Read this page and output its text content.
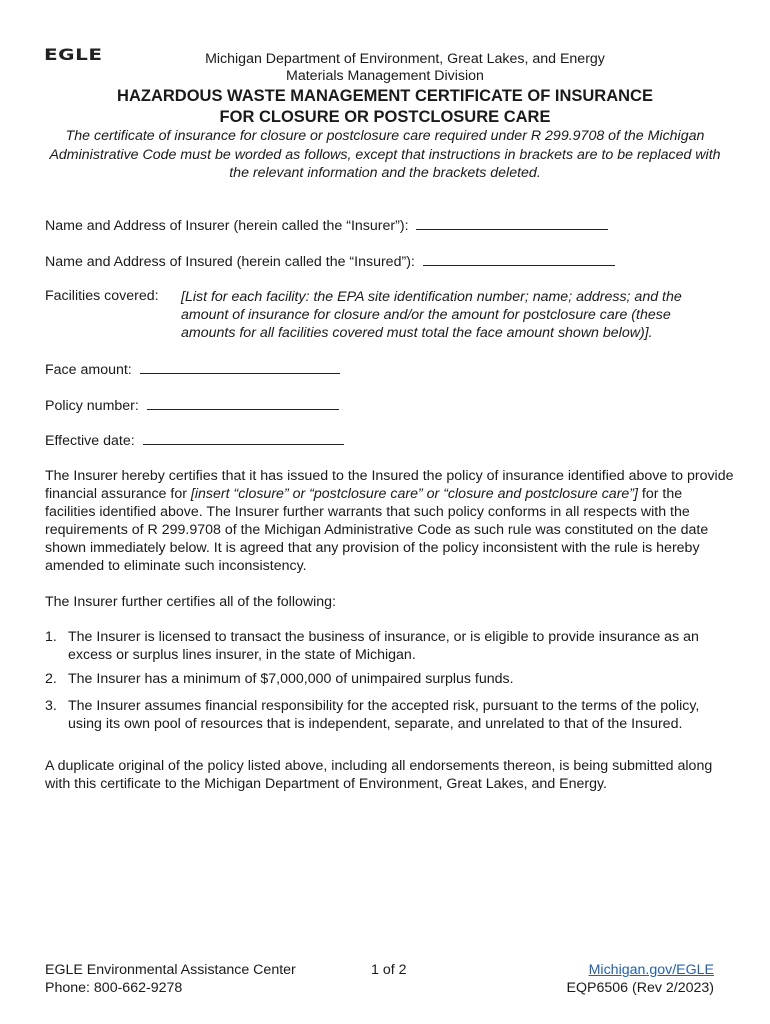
EGLE	Michigan Department of Environment, Great Lakes, and Energy
Materials Management Division
HAZARDOUS WASTE MANAGEMENT CERTIFICATE OF INSURANCE
FOR CLOSURE OR POSTCLOSURE CARE
The certificate of insurance for closure or postclosure care required under R 299.9708 of the Michigan Administrative Code must be worded as follows, except that instructions in brackets are to be replaced with the relevant information and the brackets deleted.
Name and Address of Insurer (herein called the “Insurer”):
Name and Address of Insured (herein called the “Insured”):
Facilities covered: [List for each facility: the EPA site identification number; name; address; and the amount of insurance for closure and/or the amount for postclosure care (these amounts for all facilities covered must total the face amount shown below)].
Face amount:
Policy number:
Effective date:
The Insurer hereby certifies that it has issued to the Insured the policy of insurance identified above to provide financial assurance for [insert “closure” or “postclosure care” or “closure and postclosure care”] for the facilities identified above. The Insurer further warrants that such policy conforms in all respects with the requirements of R 299.9708 of the Michigan Administrative Code as such rule was constituted on the date shown immediately below. It is agreed that any provision of the policy inconsistent with the rule is hereby amended to eliminate such inconsistency.
The Insurer further certifies all of the following:
1. The Insurer is licensed to transact the business of insurance, or is eligible to provide insurance as an excess or surplus lines insurer, in the state of Michigan.
2. The Insurer has a minimum of $7,000,000 of unimpaired surplus funds.
3. The Insurer assumes financial responsibility for the accepted risk, pursuant to the terms of the policy, using its own pool of resources that is independent, separate, and unrelated to that of the Insured.
A duplicate original of the policy listed above, including all endorsements thereon, is being submitted along with this certificate to the Michigan Department of Environment, Great Lakes, and Energy.
EGLE Environmental Assistance Center
Phone: 800-662-9278
1 of 2	Michigan.gov/EGLE
EQP6506 (Rev 2/2023)
